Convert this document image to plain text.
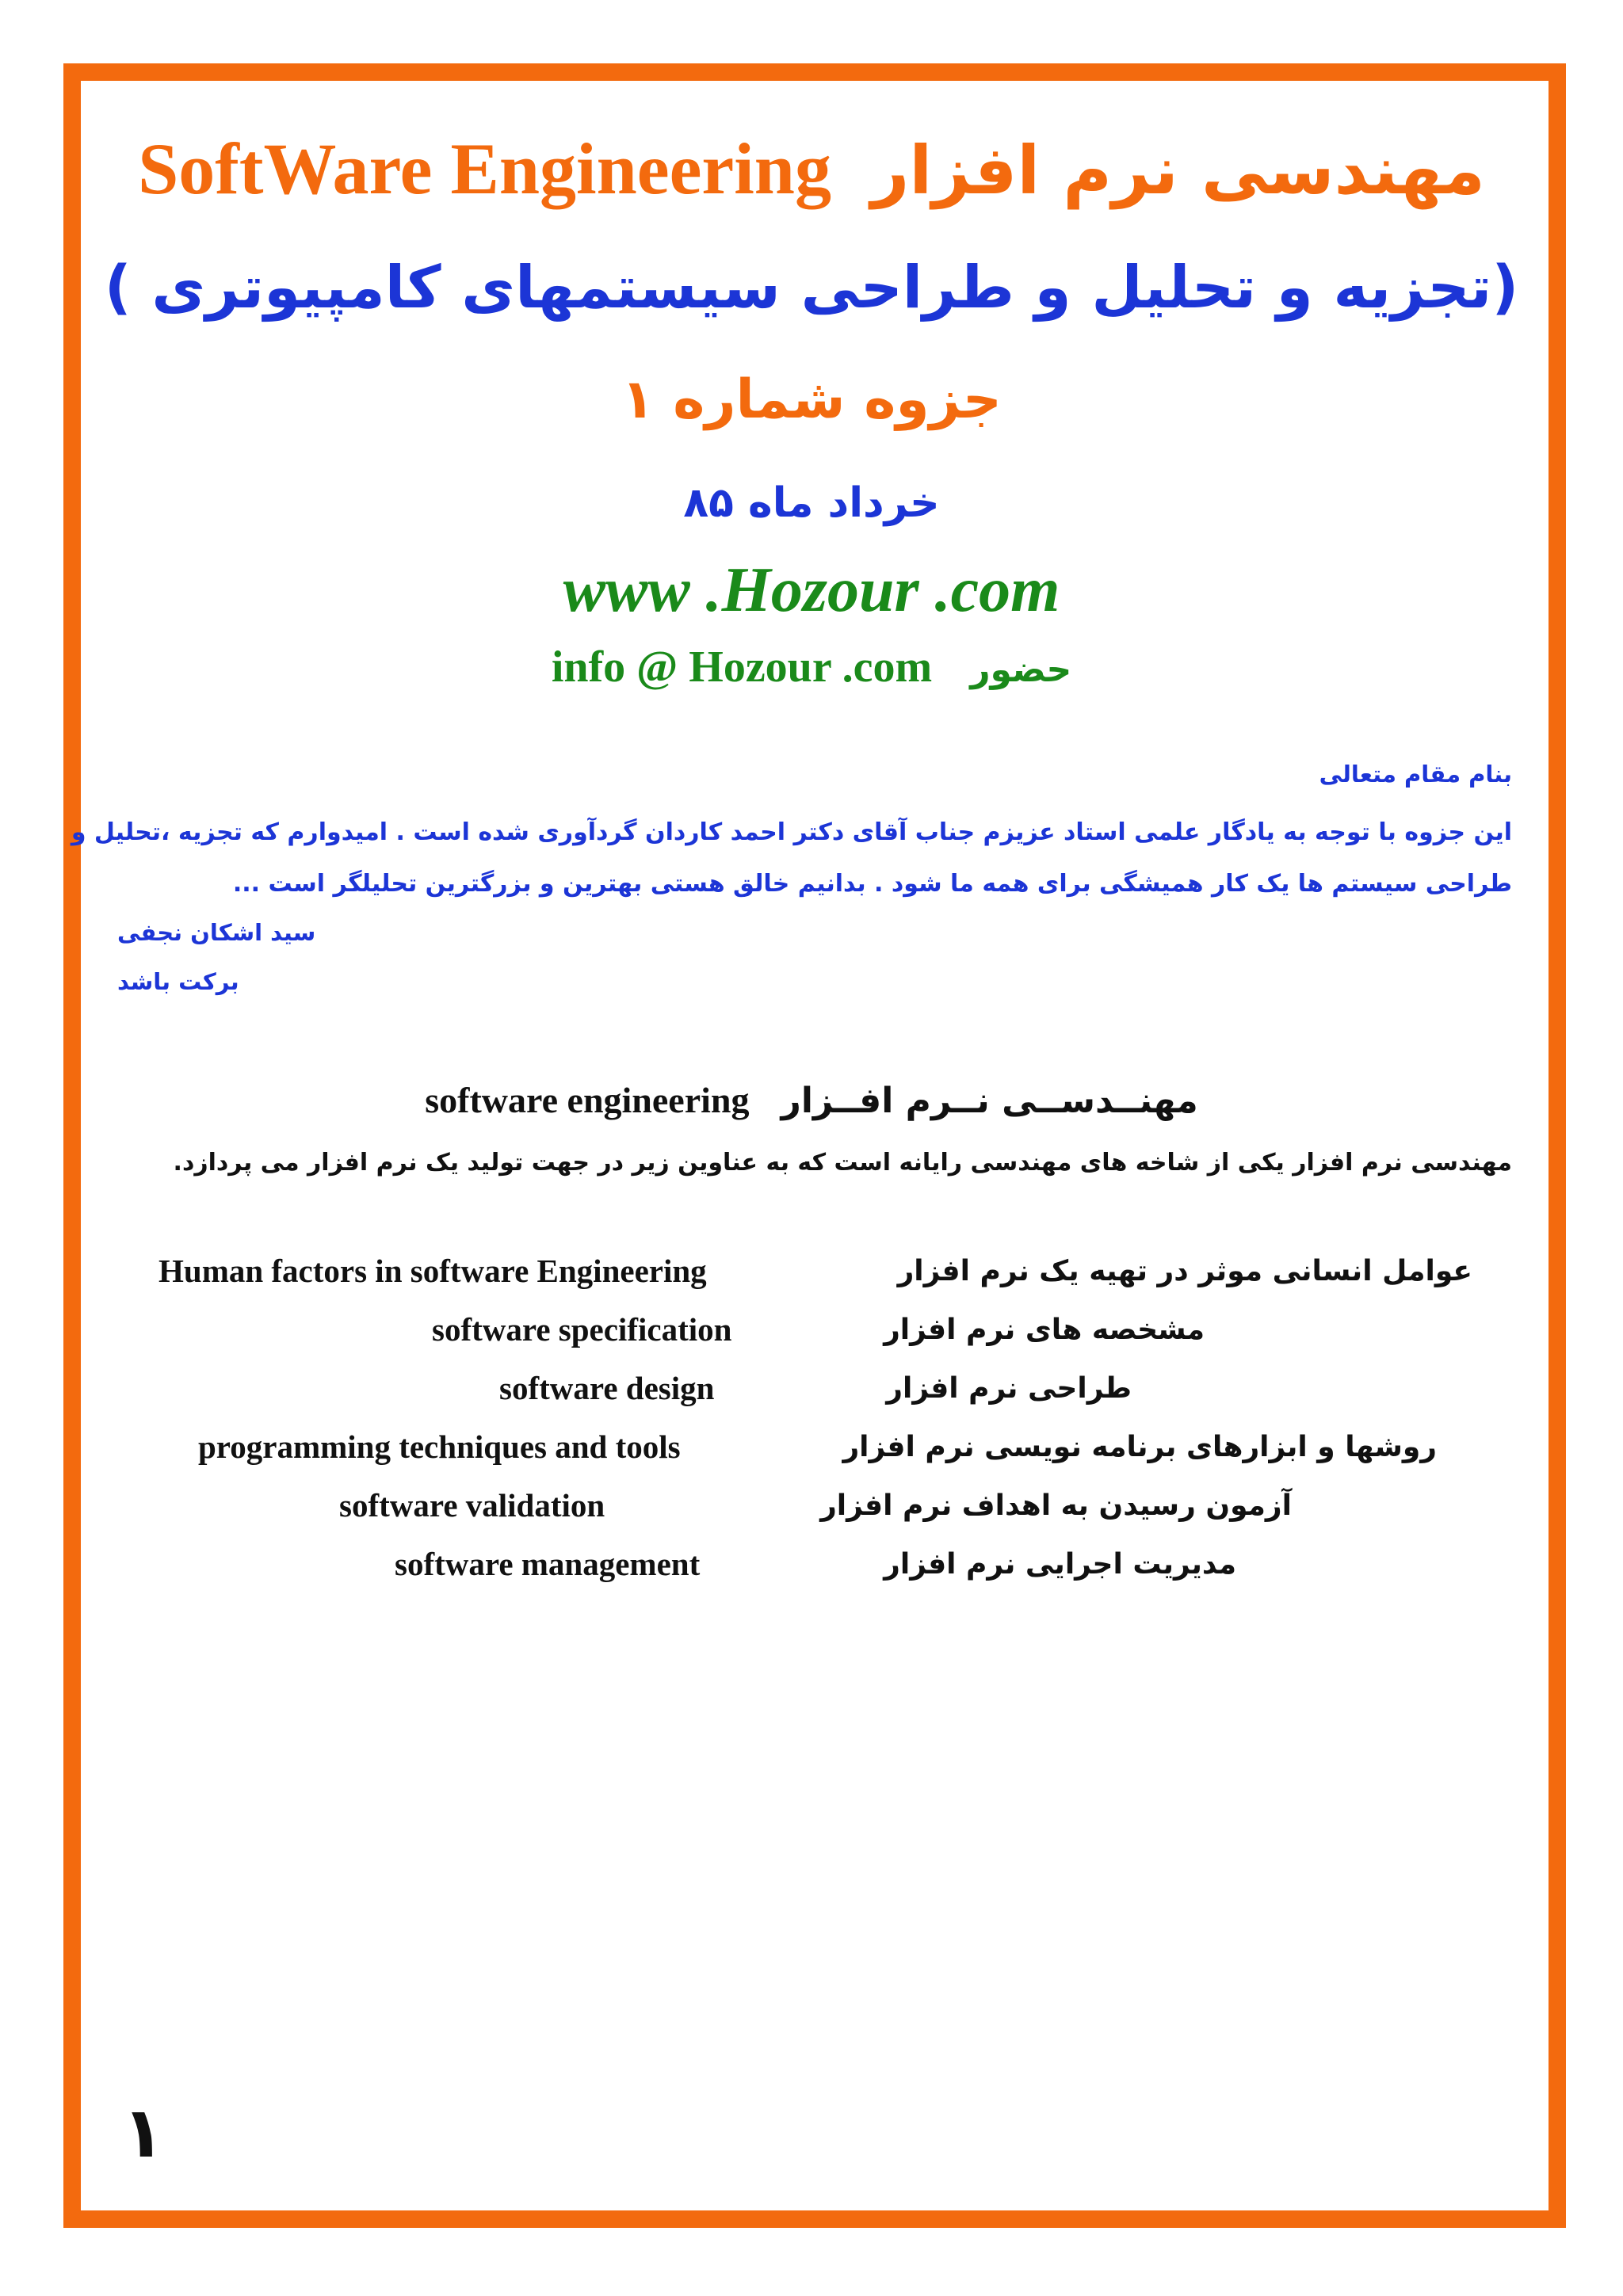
SoftWare Engineering مهندسی نرم افزار
(تجزیه و تحلیل و طراحی سیستمهای کامپیوتری )
جزوه شماره ۱
خرداد ماه ۸۵
www .Hozour .com
info @ Hozour .com حضور
بنام مقام متعالی
این جزوه با توجه به یادگار علمی استاد عزیزم جناب آقای دکتر احمد کاردان گردآوری شده است . امیدوارم که تجزیه ،تحلیل و
طراحی سیستم ها یک کار همیشگی برای همه ما شود . بدانیم خالق هستی بهترین و بزرگترین تحلیلگر است ...
سید اشکان نجفی
برکت باشد
software engineering مهنــدســی نــرم افــزار
مهندسی نرم افزار یکی از شاخه های مهندسی رایانه است که به عناوین زیر در جهت تولید یک نرم افزار می پردازد.
Human factors in software Engineering	عوامل انسانی موثر در تهیه یک نرم افزار
software specification	مشخصه های نرم افزار
software design	طراحی نرم افزار
programming techniques and tools	روشها و ابزارهای برنامه نویسی نرم افزار
software validation	آزمون رسیدن به اهداف نرم افزار
software management	مدیریت اجرایی نرم افزار
۱
